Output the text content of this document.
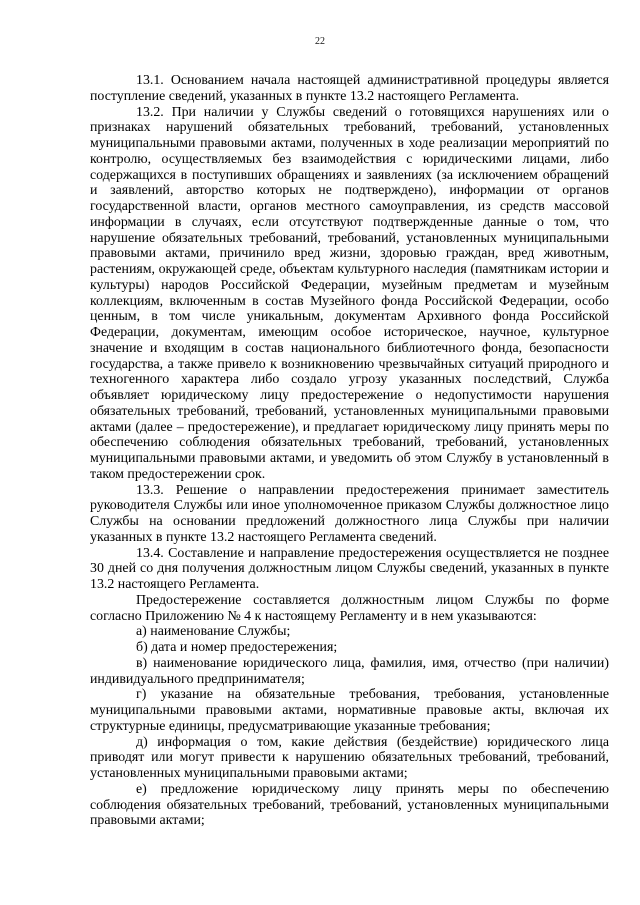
22

13.1. Основанием начала настоящей административной процедуры является поступление сведений, указанных в пункте 13.2 настоящего Регламента.

13.2. При наличии у Службы сведений о готовящихся нарушениях или о признаках нарушений обязательных требований, требований, установленных муниципальными правовыми актами, полученных в ходе реализации мероприятий по контролю, осуществляемых без взаимодействия с юридическими лицами, либо содержащихся в поступивших обращениях и заявлениях (за исключением обращений и заявлений, авторство которых не подтверждено), информации от органов государственной власти, органов местного самоуправления, из средств массовой информации в случаях, если отсутствуют подтвержденные данные о том, что нарушение обязательных требований, требований, установленных муниципальными правовыми актами, причинило вред жизни, здоровью граждан, вред животным, растениям, окружающей среде, объектам культурного наследия (памятникам истории и культуры) народов Российской Федерации, музейным предметам и музейным коллекциям, включенным в состав Музейного фонда Российской Федерации, особо ценным, в том числе уникальным, документам Архивного фонда Российской Федерации, документам, имеющим особое историческое, научное, культурное значение и входящим в состав национального библиотечного фонда, безопасности государства, а также привело к возникновению чрезвычайных ситуаций природного и техногенного характера либо создало угрозу указанных последствий, Служба объявляет юридическому лицу предостережение о недопустимости нарушения обязательных требований, требований, установленных муниципальными правовыми актами (далее – предостережение), и предлагает юридическому лицу принять меры по обеспечению соблюдения обязательных требований, требований, установленных муниципальными правовыми актами, и уведомить об этом Службу в установленный в таком предостережении срок.

13.3. Решение о направлении предостережения принимает заместитель руководителя Службы или иное уполномоченное приказом Службы должностное лицо Службы на основании предложений должностного лица Службы при наличии указанных в пункте 13.2 настоящего Регламента сведений.

13.4. Составление и направление предостережения осуществляется не позднее 30 дней со дня получения должностным лицом Службы сведений, указанных в пункте 13.2 настоящего Регламента.

Предостережение составляется должностным лицом Службы по форме согласно Приложению № 4 к настоящему Регламенту и в нем указываются:

а) наименование Службы;

б) дата и номер предостережения;

в) наименование юридического лица, фамилия, имя, отчество (при наличии) индивидуального предпринимателя;

г) указание на обязательные требования, требования, установленные муниципальными правовыми актами, нормативные правовые акты, включая их структурные единицы, предусматривающие указанные требования;

д) информация о том, какие действия (бездействие) юридического лица приводят или могут привести к нарушению обязательных требований, требований, установленных муниципальными правовыми актами;

е) предложение юридическому лицу принять меры по обеспечению соблюдения обязательных требований, требований, установленных муниципальными правовыми актами;
